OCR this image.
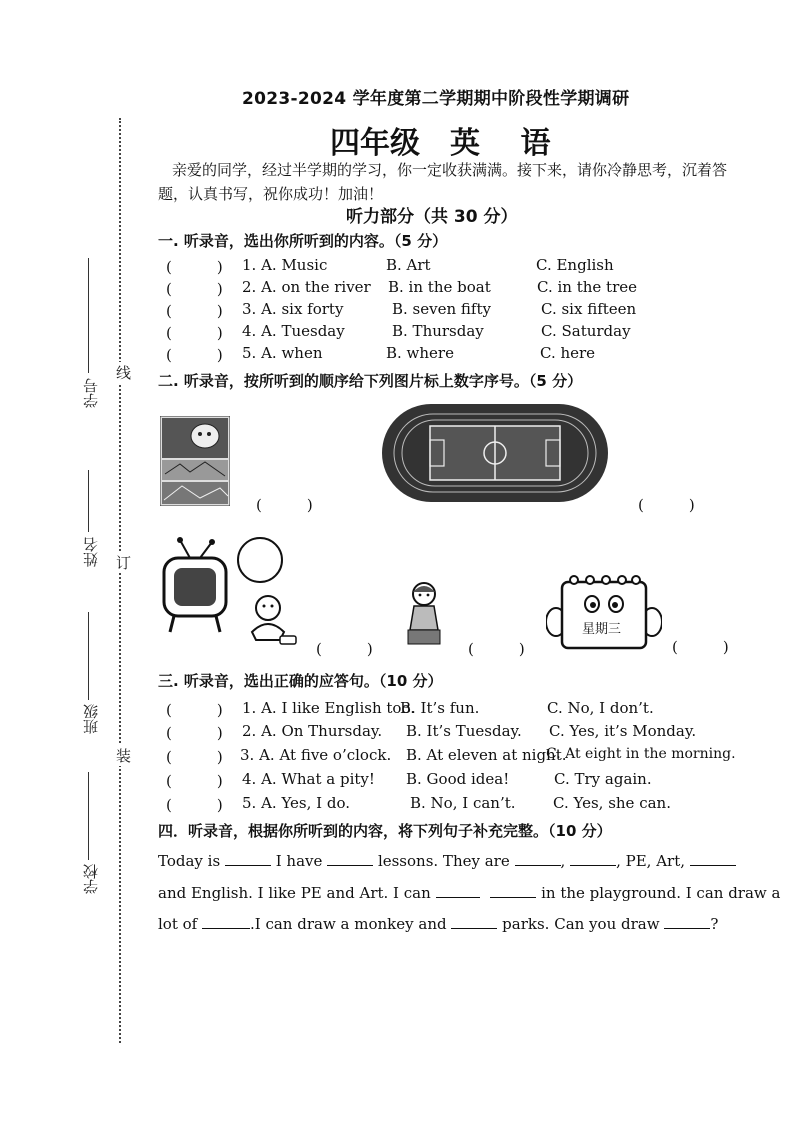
学号
姓名
班级
学校
线
订
装
2023-2024 学年度第二学期期中阶段性学期调研
四年级　英 语
亲爱的同学，经过半学期的学习，你一定收获满满。接下来，请你冷静思考，沉着答题，认真书写，祝你成功！加油！
听力部分（共 30 分）
一. 听录音，选出你所听到的内容。（5 分）
(　　　) 1. A. Music	B. Art	C. English
(　　　) 2. A. on the river B. in the boat	C. in the tree
(　　　) 3. A. six forty	B. seven fifty	C. six fifteen
(　　　) 4. A. Tuesday	B. Thursday	C. Saturday
(　　　) 5. A. when	B. where	C. here
二. 听录音，按所听到的顺序给下列图片标上数字序号。（5 分）
(　　　)	(　　　)
(　　　)	(　　　)
星期三
(　　　)
三. 听录音，选出正确的应答句。（10 分）
(　　　) 1. A. I like English too.
B. It’s fun.	C. No, I don’t.
(　　　) 2. A. On Thursday. B. It’s Tuesday. C. Yes, it’s Monday.
(　　　) 3. A. At five o’clock. B. At eleven at night.
C. At eight in the morning.
(　　　) 4. A. What a pity! B. Good idea!	C. Try again.
(　　　) 5. A. Yes, I do.	B. No, I can’t. C. Yes, she can.
四．听录音，根据你所听到的内容，将下列句子补充完整。（10 分）
Today is	I have	lessons. They are	,	, PE, Art,
and English. I like PE and Art. I can	in the playground. I can draw a
lot of	.I can draw a monkey and	parks. Can you draw	?
